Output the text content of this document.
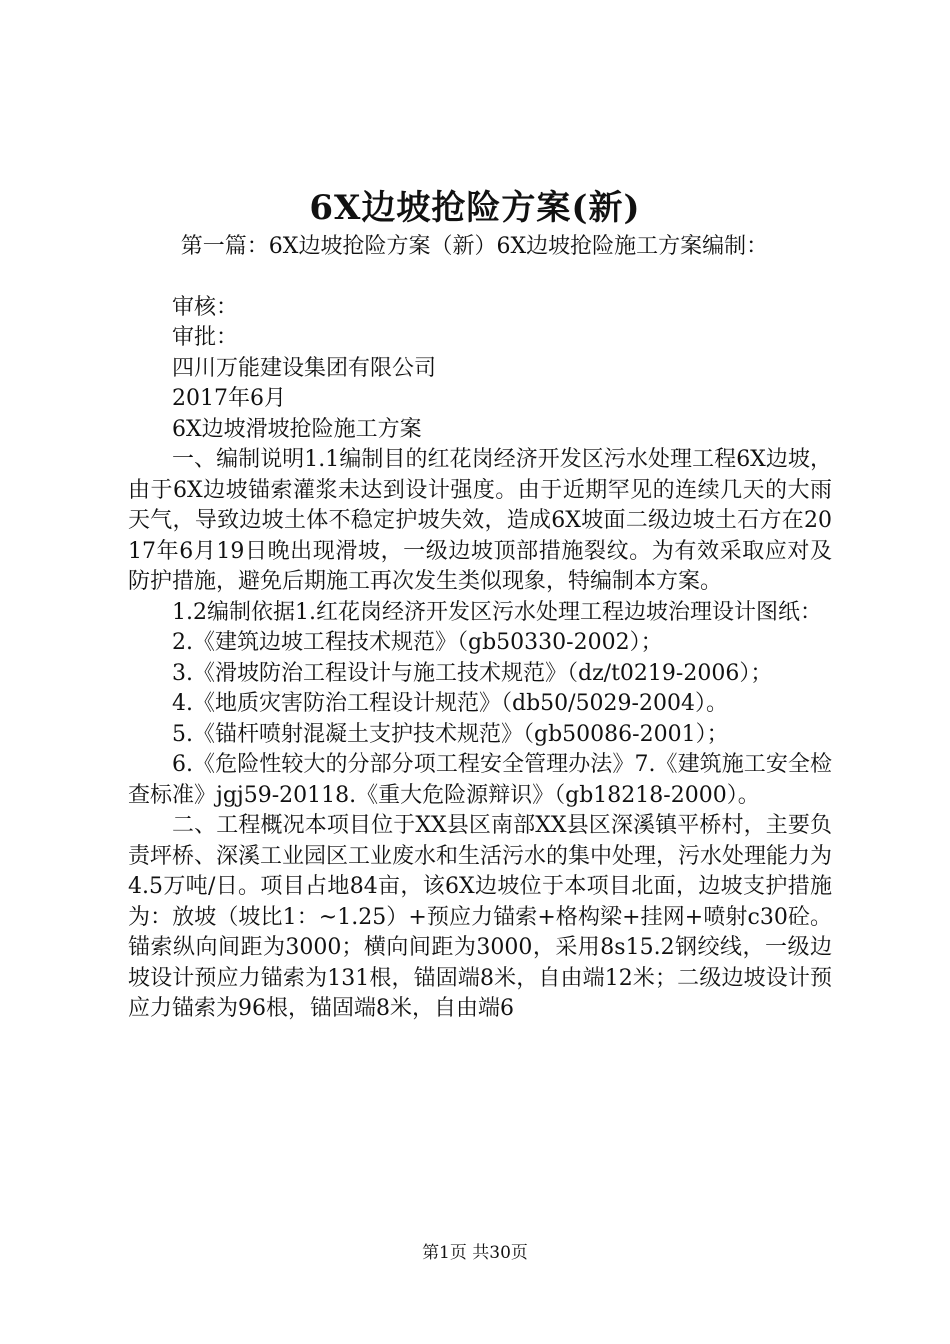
6X边坡抢险方案(新)

第一篇：6X边坡抢险方案（新）6X边坡抢险施工方案编制：

审核：

审批：

四川万能建设集团有限公司

2017年6月

6X边坡滑坡抢险施工方案

一、编制说明1.1编制目的红花岗经济开发区污水处理工程6X边坡，由于6X边坡锚索灌浆未达到设计强度。由于近期罕见的连续几天的大雨天气，导致边坡土体不稳定护坡失效，造成6X坡面二级边坡土石方在2017年6月19日晚出现滑坡，一级边坡顶部措施裂纹。为有效采取应对及防护措施，避免后期施工再次发生类似现象，特编制本方案。

1.2编制依据1.红花岗经济开发区污水处理工程边坡治理设计图纸：

2.《建筑边坡工程技术规范》（gb50330-2002）；

3.《滑坡防治工程设计与施工技术规范》（dz/t0219-2006）；

4.《地质灾害防治工程设计规范》（db50/5029-2004）。

5.《锚杆喷射混凝土支护技术规范》（gb50086-2001）；

6.《危险性较大的分部分项工程安全管理办法》7.《建筑施工安全检查标准》jgj59-20118.《重大危险源辩识》（gb18218-2000）。

二、工程概况本项目位于XX县区南部XX县区深溪镇平桥村，主要负责坪桥、深溪工业园区工业废水和生活污水的集中处理，污水处理能力为4.5万吨/日。项目占地84亩，该6X边坡位于本项目北面，边坡支护措施为：放坡（坡比1：~1.25）+预应力锚索+格构梁+挂网+喷射c30砼。锚索纵向间距为3000；横向间距为3000，采用8s15.2钢绞线，一级边坡设计预应力锚索为131根，锚固端8米，自由端12米；二级边坡设计预应力锚索为96根，锚固端8米，自由端6

第1页 共30页
